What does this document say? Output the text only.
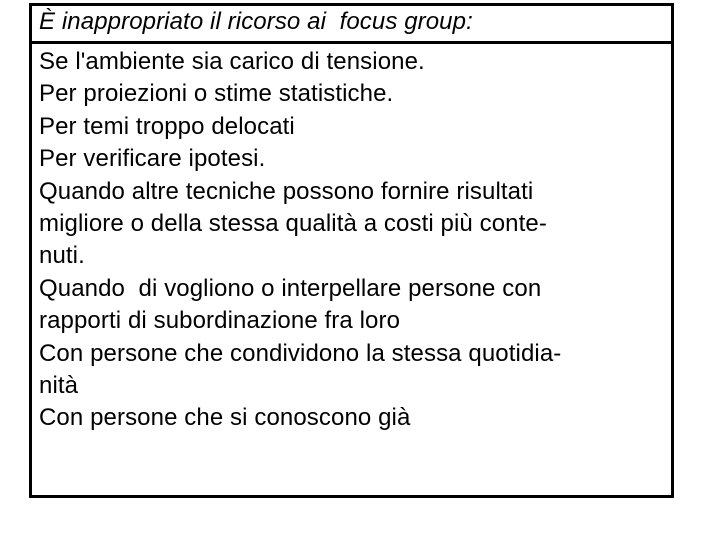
È inappropriato il ricorso ai  focus group:
Se l'ambiente sia carico di tensione.
Per proiezioni o stime statistiche.
Per temi troppo delocati
Per verificare ipotesi.
Quando altre tecniche possono fornire risultati
migliore o della stessa qualità a costi più conte-
nuti.
Quando  di vogliono o interpellare persone con
rapporti di subordinazione fra loro
Con persone che condividono la stessa quotidia-
nità
Con persone che si conoscono già
